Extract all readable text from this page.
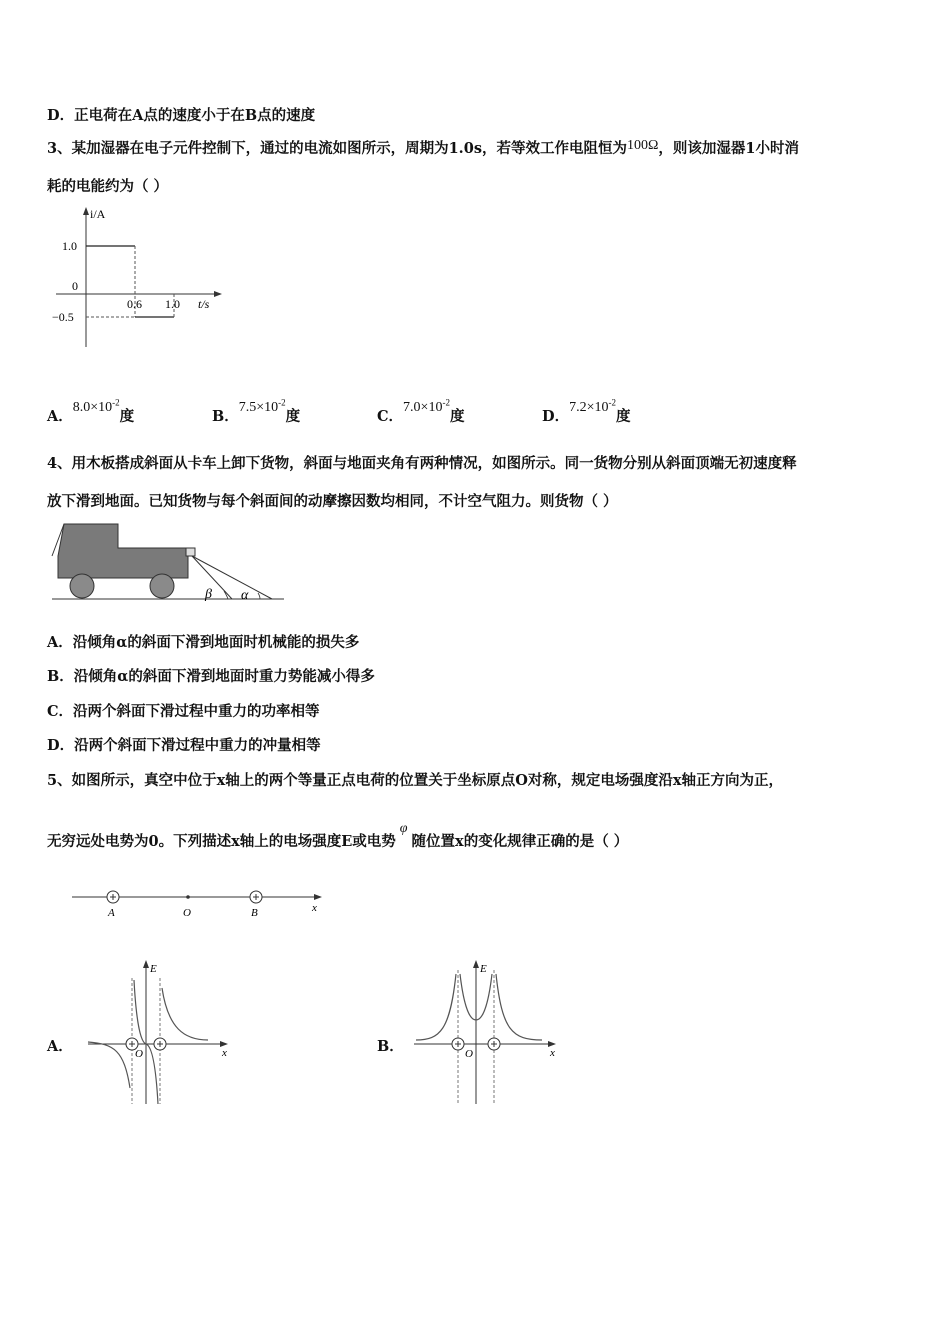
D．正电荷在A点的速度小于在B点的速度
3、某加湿器在电子元件控制下，通过的电流如图所示，周期为1.0s，若等效工作电阻恒为100Ω，则该加湿器1小时消
耗的电能约为（ ）
i/A
t/s
1.0
0
−0.5
0.6 1.0
A．$8.0\times 10^{-2}$度	B．$7.5\times 10^{-2}$度	C．$7.0\times 10^{-2}$度	D．$7.2\times 10^{-2}$度
4、用木板搭成斜面从卡车上卸下货物，斜面与地面夹角有两种情况，如图所示。同一货物分别从斜面顶端无初速度释
放下滑到地面。已知货物与每个斜面间的动摩擦因数均相同，不计空气阻力。则货物（ ）
β α
A．沿倾角α的斜面下滑到地面时机械能的损失多
B．沿倾角α的斜面下滑到地面时重力势能减小得多
C．沿两个斜面下滑过程中重力的功率相等
D．沿两个斜面下滑过程中重力的冲量相等
5、如图所示，真空中位于x轴上的两个等量正点电荷的位置关于坐标原点O对称，规定电场强度沿x轴正方向为正，
无穷远处电势为0。下列描述x轴上的电场强度E或电势φ随位置x的变化规律正确的是（ ）
A	O	B	x
A．
E
O	x	B．
E
O	x
